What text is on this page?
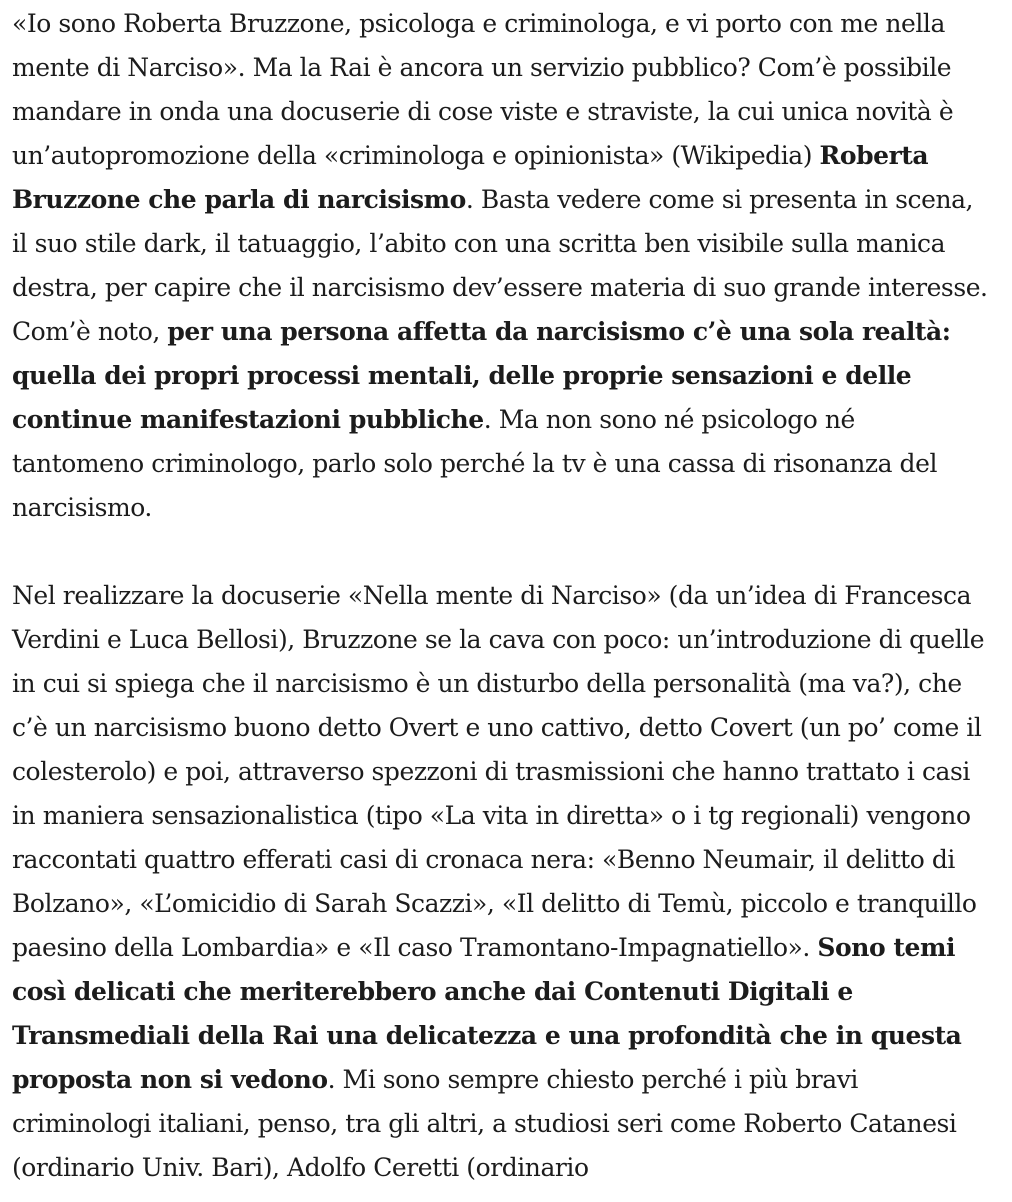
«Io sono Roberta Bruzzone, psicologa e criminologa, e vi porto con me nella mente di Narciso». Ma la Rai è ancora un servizio pubblico? Com’è possibile mandare in onda una docuserie di cose viste e straviste, la cui unica novità è un’autopromozione della «criminologa e opinionista» (Wikipedia) Roberta Bruzzone che parla di narcisismo. Basta vedere come si presenta in scena, il suo stile dark, il tatuaggio, l’abito con una scritta ben visibile sulla manica destra, per capire che il narcisismo dev’essere materia di suo grande interesse. Com’è noto, per una persona affetta da narcisismo c’è una sola realtà: quella dei propri processi mentali, delle proprie sensazioni e delle continue manifestazioni pubbliche. Ma non sono né psicologo né tantomeno criminologo, parlo solo perché la tv è una cassa di risonanza del narcisismo.

Nel realizzare la docuserie «Nella mente di Narciso» (da un’idea di Francesca Verdini e Luca Bellosi), Bruzzone se la cava con poco: un’introduzione di quelle in cui si spiega che il narcisismo è un disturbo della personalità (ma va?), che c’è un narcisismo buono detto Overt e uno cattivo, detto Covert (un po’ come il colesterolo) e poi, attraverso spezzoni di trasmissioni che hanno trattato i casi in maniera sensazionalistica (tipo «La vita in diretta» o i tg regionali) vengono raccontati quattro efferati casi di cronaca nera: «Benno Neumair, il delitto di Bolzano», «L’omicidio di Sarah Scazzi», «Il delitto di Temù, piccolo e tranquillo paesino della Lombardia» e «Il caso Tramontano-Impagnatiello». Sono temi così delicati che meriterebbero anche dai Contenuti Digitali e Transmediali della Rai una delicatezza e una profondità che in questa proposta non si vedono. Mi sono sempre chiesto perché i più bravi criminologi italiani, penso, tra gli altri, a studiosi seri come Roberto Catanesi (ordinario Univ. Bari), Adolfo Ceretti (ordinario
